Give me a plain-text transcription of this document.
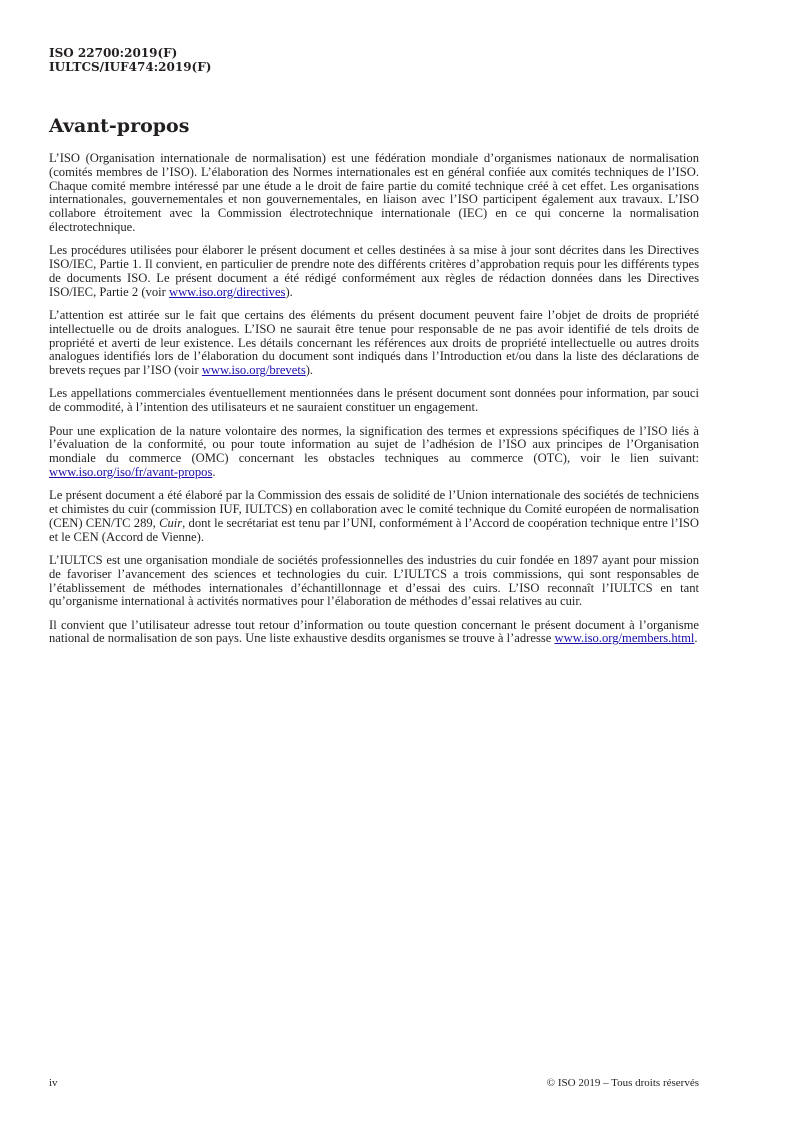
ISO 22700:2019(F)
IULTCS/IUF474:2019(F)
Avant-propos

L’ISO (Organisation internationale de normalisation) est une fédération mondiale d’organismes nationaux de normalisation (comités membres de l’ISO). L’élaboration des Normes internationales est en général confiée aux comités techniques de l’ISO. Chaque comité membre intéressé par une étude a le droit de faire partie du comité technique créé à cet effet. Les organisations internationales, gouvernementales et non gouvernementales, en liaison avec l’ISO participent également aux travaux. L’ISO collabore étroitement avec la Commission électrotechnique internationale (IEC) en ce qui concerne la normalisation électrotechnique.

Les procédures utilisées pour élaborer le présent document et celles destinées à sa mise à jour sont décrites dans les Directives ISO/IEC, Partie 1. Il convient, en particulier de prendre note des différents critères d’approbation requis pour les différents types de documents ISO. Le présent document a été rédigé conformément aux règles de rédaction données dans les Directives ISO/IEC, Partie 2 (voir www.iso.org/directives).

L’attention est attirée sur le fait que certains des éléments du présent document peuvent faire l’objet de droits de propriété intellectuelle ou de droits analogues. L’ISO ne saurait être tenue pour responsable de ne pas avoir identifié de tels droits de propriété et averti de leur existence. Les détails concernant les références aux droits de propriété intellectuelle ou autres droits analogues identifiés lors de l’élaboration du document sont indiqués dans l’Introduction et/ou dans la liste des déclarations de brevets reçues par l’ISO (voir www.iso.org/brevets).

Les appellations commerciales éventuellement mentionnées dans le présent document sont données pour information, par souci de commodité, à l’intention des utilisateurs et ne sauraient constituer un engagement.

Pour une explication de la nature volontaire des normes, la signification des termes et expressions spécifiques de l’ISO liés à l’évaluation de la conformité, ou pour toute information au sujet de l’adhésion de l’ISO aux principes de l’Organisation mondiale du commerce (OMC) concernant les obstacles techniques au commerce (OTC), voir le lien suivant: www.iso.org/iso/fr/avant-propos.

Le présent document a été élaboré par la Commission des essais de solidité de l’Union internationale des sociétés de techniciens et chimistes du cuir (commission IUF, IULTCS) en collaboration avec le comité technique du Comité européen de normalisation (CEN) CEN/TC 289, Cuir, dont le secrétariat est tenu par l’UNI, conformément à l’Accord de coopération technique entre l’ISO et le CEN (Accord de Vienne).

L’IULTCS est une organisation mondiale de sociétés professionnelles des industries du cuir fondée en 1897 ayant pour mission de favoriser l’avancement des sciences et technologies du cuir. L’IULTCS a trois commissions, qui sont responsables de l’établissement de méthodes internationales d’échantillonnage et d’essai des cuirs. L’ISO reconnaît l’IULTCS en tant qu’organisme international à activités normatives pour l’élaboration de méthodes d’essai relatives au cuir.

Il convient que l’utilisateur adresse tout retour d’information ou toute question concernant le présent document à l’organisme national de normalisation de son pays. Une liste exhaustive desdits organismes se trouve à l’adresse www.iso.org/members.html.

iv	© ISO 2019 – Tous droits réservés
